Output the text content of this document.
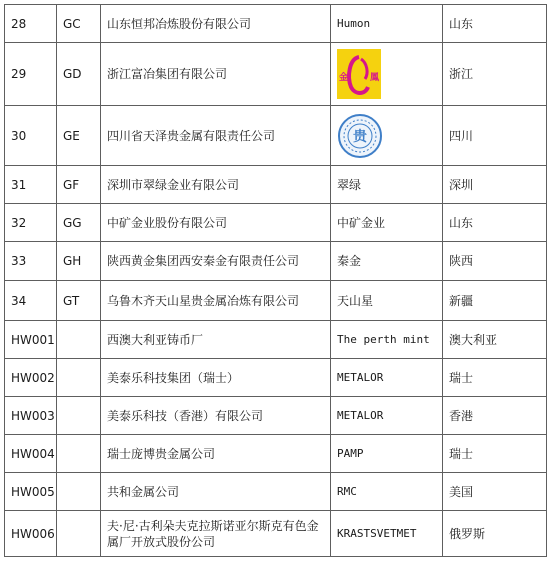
28	GC	山东恒邦冶炼股份有限公司	Humon	山东
29	GD	浙江富冶集团有限公司	金 鳳	浙江
30	GE	四川省天泽贵金属有限责任公司	贵	四川
31	GF	深圳市翠绿金业有限公司	翠绿	深圳
32	GG	中矿金业股份有限公司	中矿金业	山东
33	GH	陕西黄金集团西安秦金有限责任公司	秦金	陕西
34	GT	乌鲁木齐天山星贵金属冶炼有限公司	天山星	新疆
HW001		西澳大利亚铸币厂	The perth mint	澳大利亚
HW002		美泰乐科技集团（瑞士）	METALOR	瑞士
HW003		美泰乐科技（香港）有限公司	METALOR	香港
HW004		瑞士庞博贵金属公司	PAMP	瑞士
HW005		共和金属公司	RMC	美国
HW006		夫·尼·古利朵夫克拉斯诺亚尔斯克有色金属厂开放式股份公司	KRASTSVETMET	俄罗斯
